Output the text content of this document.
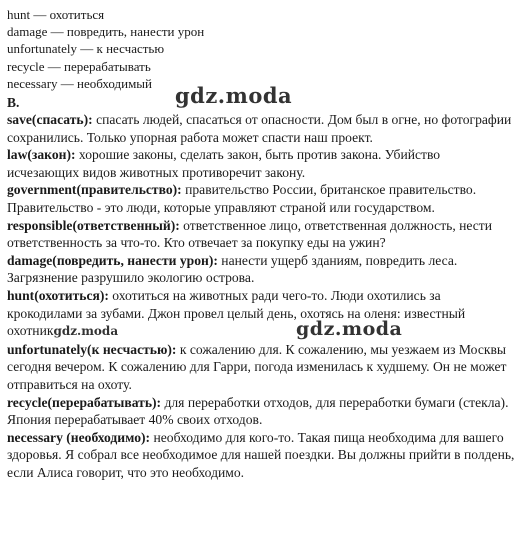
hunt — охотиться
damage — повредить, нанести урон
unfortunately — к несчастью
recycle — перерабатывать
necessary — необходимый
B.

save(спасать): спасать людей, спасаться от опасности. Дом был в огне, но фотографии сохранились. Только упорная работа может спасти наш проект.

law(закон): хорошие законы, сделать закон, быть против закона. Убийство исчезающих видов животных противоречит закону.

government(правительство): правительство России, британское правительство. Правительство - это люди, которые управляют страной или государством.

responsible(ответственный): ответственное лицо, ответственная должность, нести ответственность за что-то. Кто отвечает за покупку еды на ужин?

damage(повредить, нанести урон): нанести ущерб зданиям, повредить леса. Загрязнение разрушило экологию острова.

hunt(охотиться): охотиться на животных ради чего-то. Люди охотились за крокодилами за зубами. Джон провел целый день, охотясь на оленя: известный охотникgdz.moda

unfortunately(к несчастью): к сожалению для. К сожалению, мы уезжаем из Москвы сегодня вечером. К сожалению для Гарри, погода изменилась к худшему. Он не может отправиться на охоту.

recycle(перерабатывать): для переработки отходов, для переработки бумаги (стекла). Япония перерабатывает 40% своих отходов.

necessary (необходимо): необходимо для кого-то. Такая пища необходима для вашего здоровья. Я собрал все необходимое для нашей поездки. Вы должны прийти в полдень, если Алиса говорит, что это необходимо.

gdz.moda
gdz.moda
